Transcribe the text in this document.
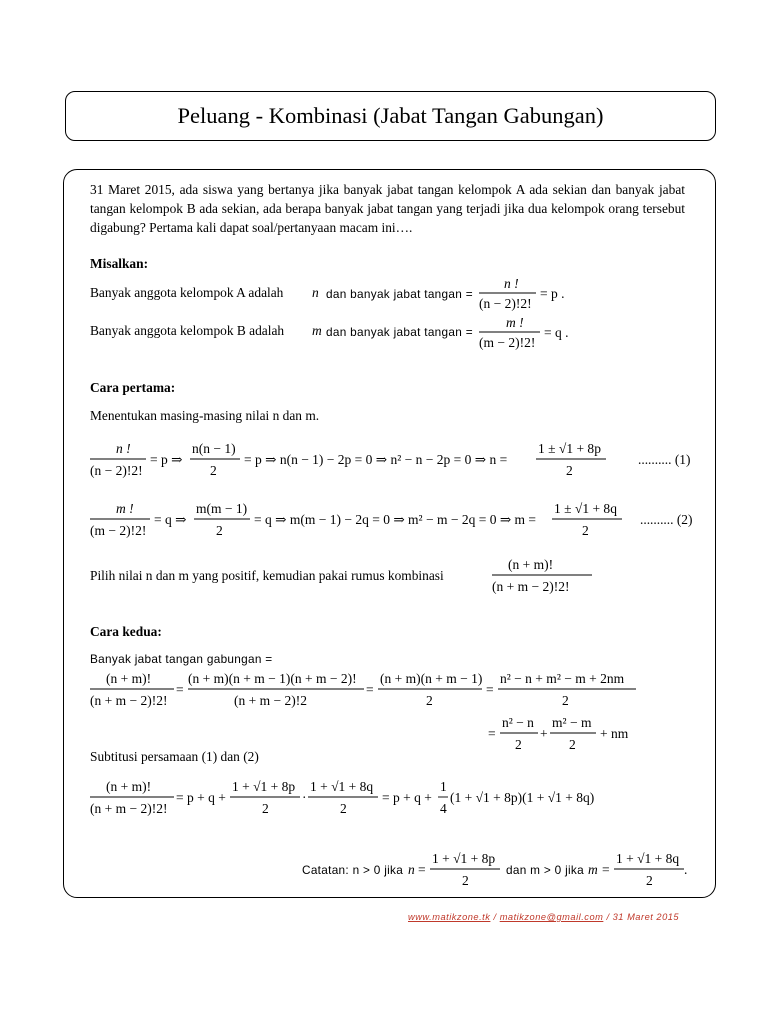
Peluang - Kombinasi (Jabat Tangan Gabungan)

31 Maret 2015, ada siswa yang bertanya jika banyak jabat tangan kelompok A ada sekian dan banyak jabat tangan kelompok B ada sekian, ada berapa banyak jabat tangan yang terjadi jika dua kelompok orang tersebut digabung? Pertama kali dapat soal/pertanyaan macam ini….

Misalkan:
Banyak anggota kelompok A adalah n dan banyak jabat tangan =
n !
(n − 2)!2!
= p .
Banyak anggota kelompok B adalah m dan banyak jabat tangan =
m !
(m − 2)!2!
= q .
Cara pertama:
Menentukan masing-masing nilai n dan m.
n !
(n − 2)!2!
= p ⇒
n(n − 1)
2
= p ⇒ n(n − 1) − 2p = 0 ⇒ n² − n − 2p = 0 ⇒ n =
1 ± √1 + 8p
2
.......... (1)
m !
(m − 2)!2!
= q ⇒
m(m − 1)
2
= q ⇒ m(m − 1) − 2q = 0 ⇒ m² − m − 2q = 0 ⇒ m =
1 ± √1 + 8q
2
.......... (2)
Pilih nilai n dan m yang positif, kemudian pakai rumus kombinasi
(n + m)!
(n + m − 2)!2!
Cara kedua:
Banyak jabat tangan gabungan =
(n + m)!
(n + m − 2)!2!
=
(n + m)(n + m − 1)(n + m − 2)!
(n + m − 2)!2
=
(n + m)(n + m − 1)
2
=
n² − n + m² − m + 2nm
2
=
n² − n
2
+
m² − m
2
+ nm
Subtitusi persamaan (1) dan (2)
(n + m)!
(n + m − 2)!2!
= p + q +
1 + √1 + 8p
2
·
1 + √1 + 8q
2
= p + q +
1
4
(1 + √1 + 8p)(1 + √1 + 8q)
Catatan: n > 0 jika n =
1 + √1 + 8p
2
dan m > 0 jika m =
1 + √1 + 8q
2
.
www.matikzone.tk / matikzone@gmail.com / 31 Maret 2015
